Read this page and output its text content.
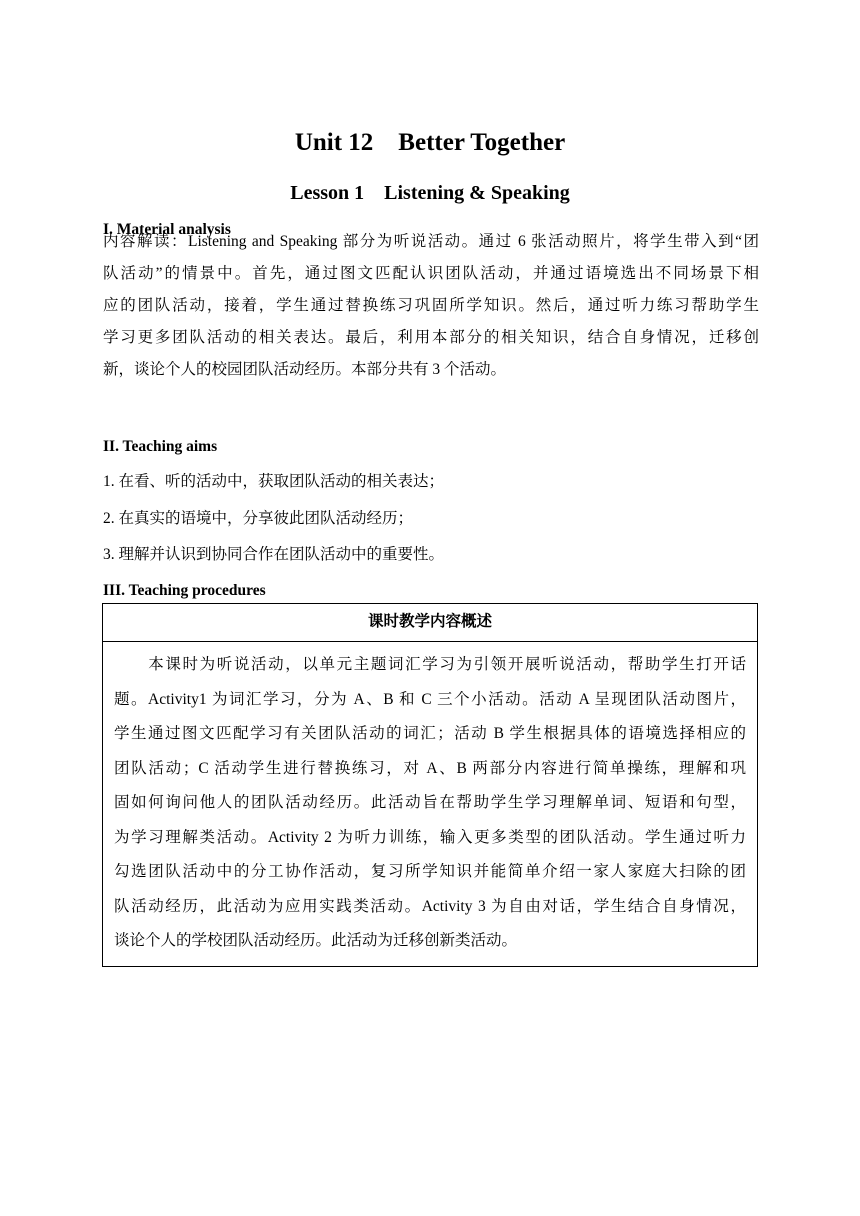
Unit 12    Better Together
Lesson 1    Listening & Speaking
I. Material analysis
内容解读：Listening and Speaking 部分为听说活动。通过 6 张活动照片，将学生带入到“团
队活动”的情景中。首先，通过图文匹配认识团队活动，并通过语境选出不同场景下相
应的团队活动，接着，学生通过替换练习巩固所学知识。然后，通过听力练习帮助学生
学习更多团队活动的相关表达。最后，利用本部分的相关知识，结合自身情况，迁移创
新，谈论个人的校园团队活动经历。本部分共有 3 个活动。
II. Teaching aims
1. 在看、听的活动中，获取团队活动的相关表达；
2. 在真实的语境中，分享彼此团队活动经历；
3. 理解并认识到协同合作在团队活动中的重要性。
III. Teaching procedures
课时教学内容概述
　　本课时为听说活动，以单元主题词汇学习为引领开展听说活动，帮助学生打开话
题。Activity1 为词汇学习，分为 A、B 和 C 三个小活动。活动 A 呈现团队活动图片，
学生通过图文匹配学习有关团队活动的词汇；活动 B 学生根据具体的语境选择相应的
团队活动；C 活动学生进行替换练习，对 A、B 两部分内容进行简单操练，理解和巩
固如何询问他人的团队活动经历。此活动旨在帮助学生学习理解单词、短语和句型，
为学习理解类活动。Activity 2 为听力训练，输入更多类型的团队活动。学生通过听力
勾选团队活动中的分工协作活动，复习所学知识并能简单介绍一家人家庭大扫除的团
队活动经历，此活动为应用实践类活动。Activity 3 为自由对话，学生结合自身情况，
谈论个人的学校团队活动经历。此活动为迁移创新类活动。
